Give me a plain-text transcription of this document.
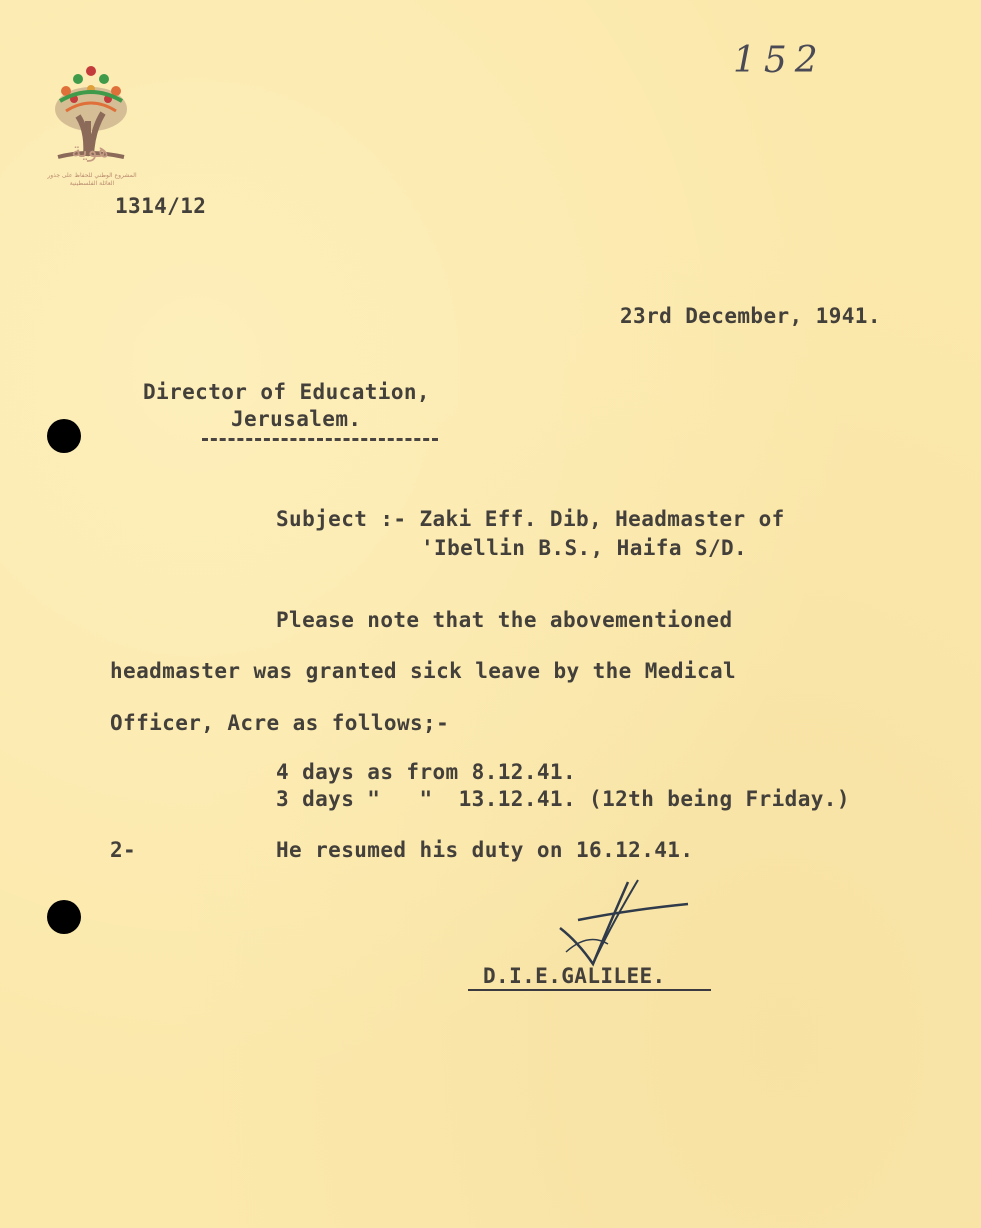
هوية
المشروع الوطني للحفاظ على جذور العائلة الفلسطينية
152
1314/12
23rd December, 1941.
Director of Education,
Jerusalem.
Subject :- Zaki Eff. Dib, Headmaster of
'Ibellin B.S., Haifa S/D.
Please note that the abovementioned
headmaster was granted sick leave by the Medical
Officer, Acre as follows;-
4 days as from 8.12.41.
3 days "   "  13.12.41. (12th being Friday.)
2-	He resumed his duty on 16.12.41.
D.I.E.GALILEE.
